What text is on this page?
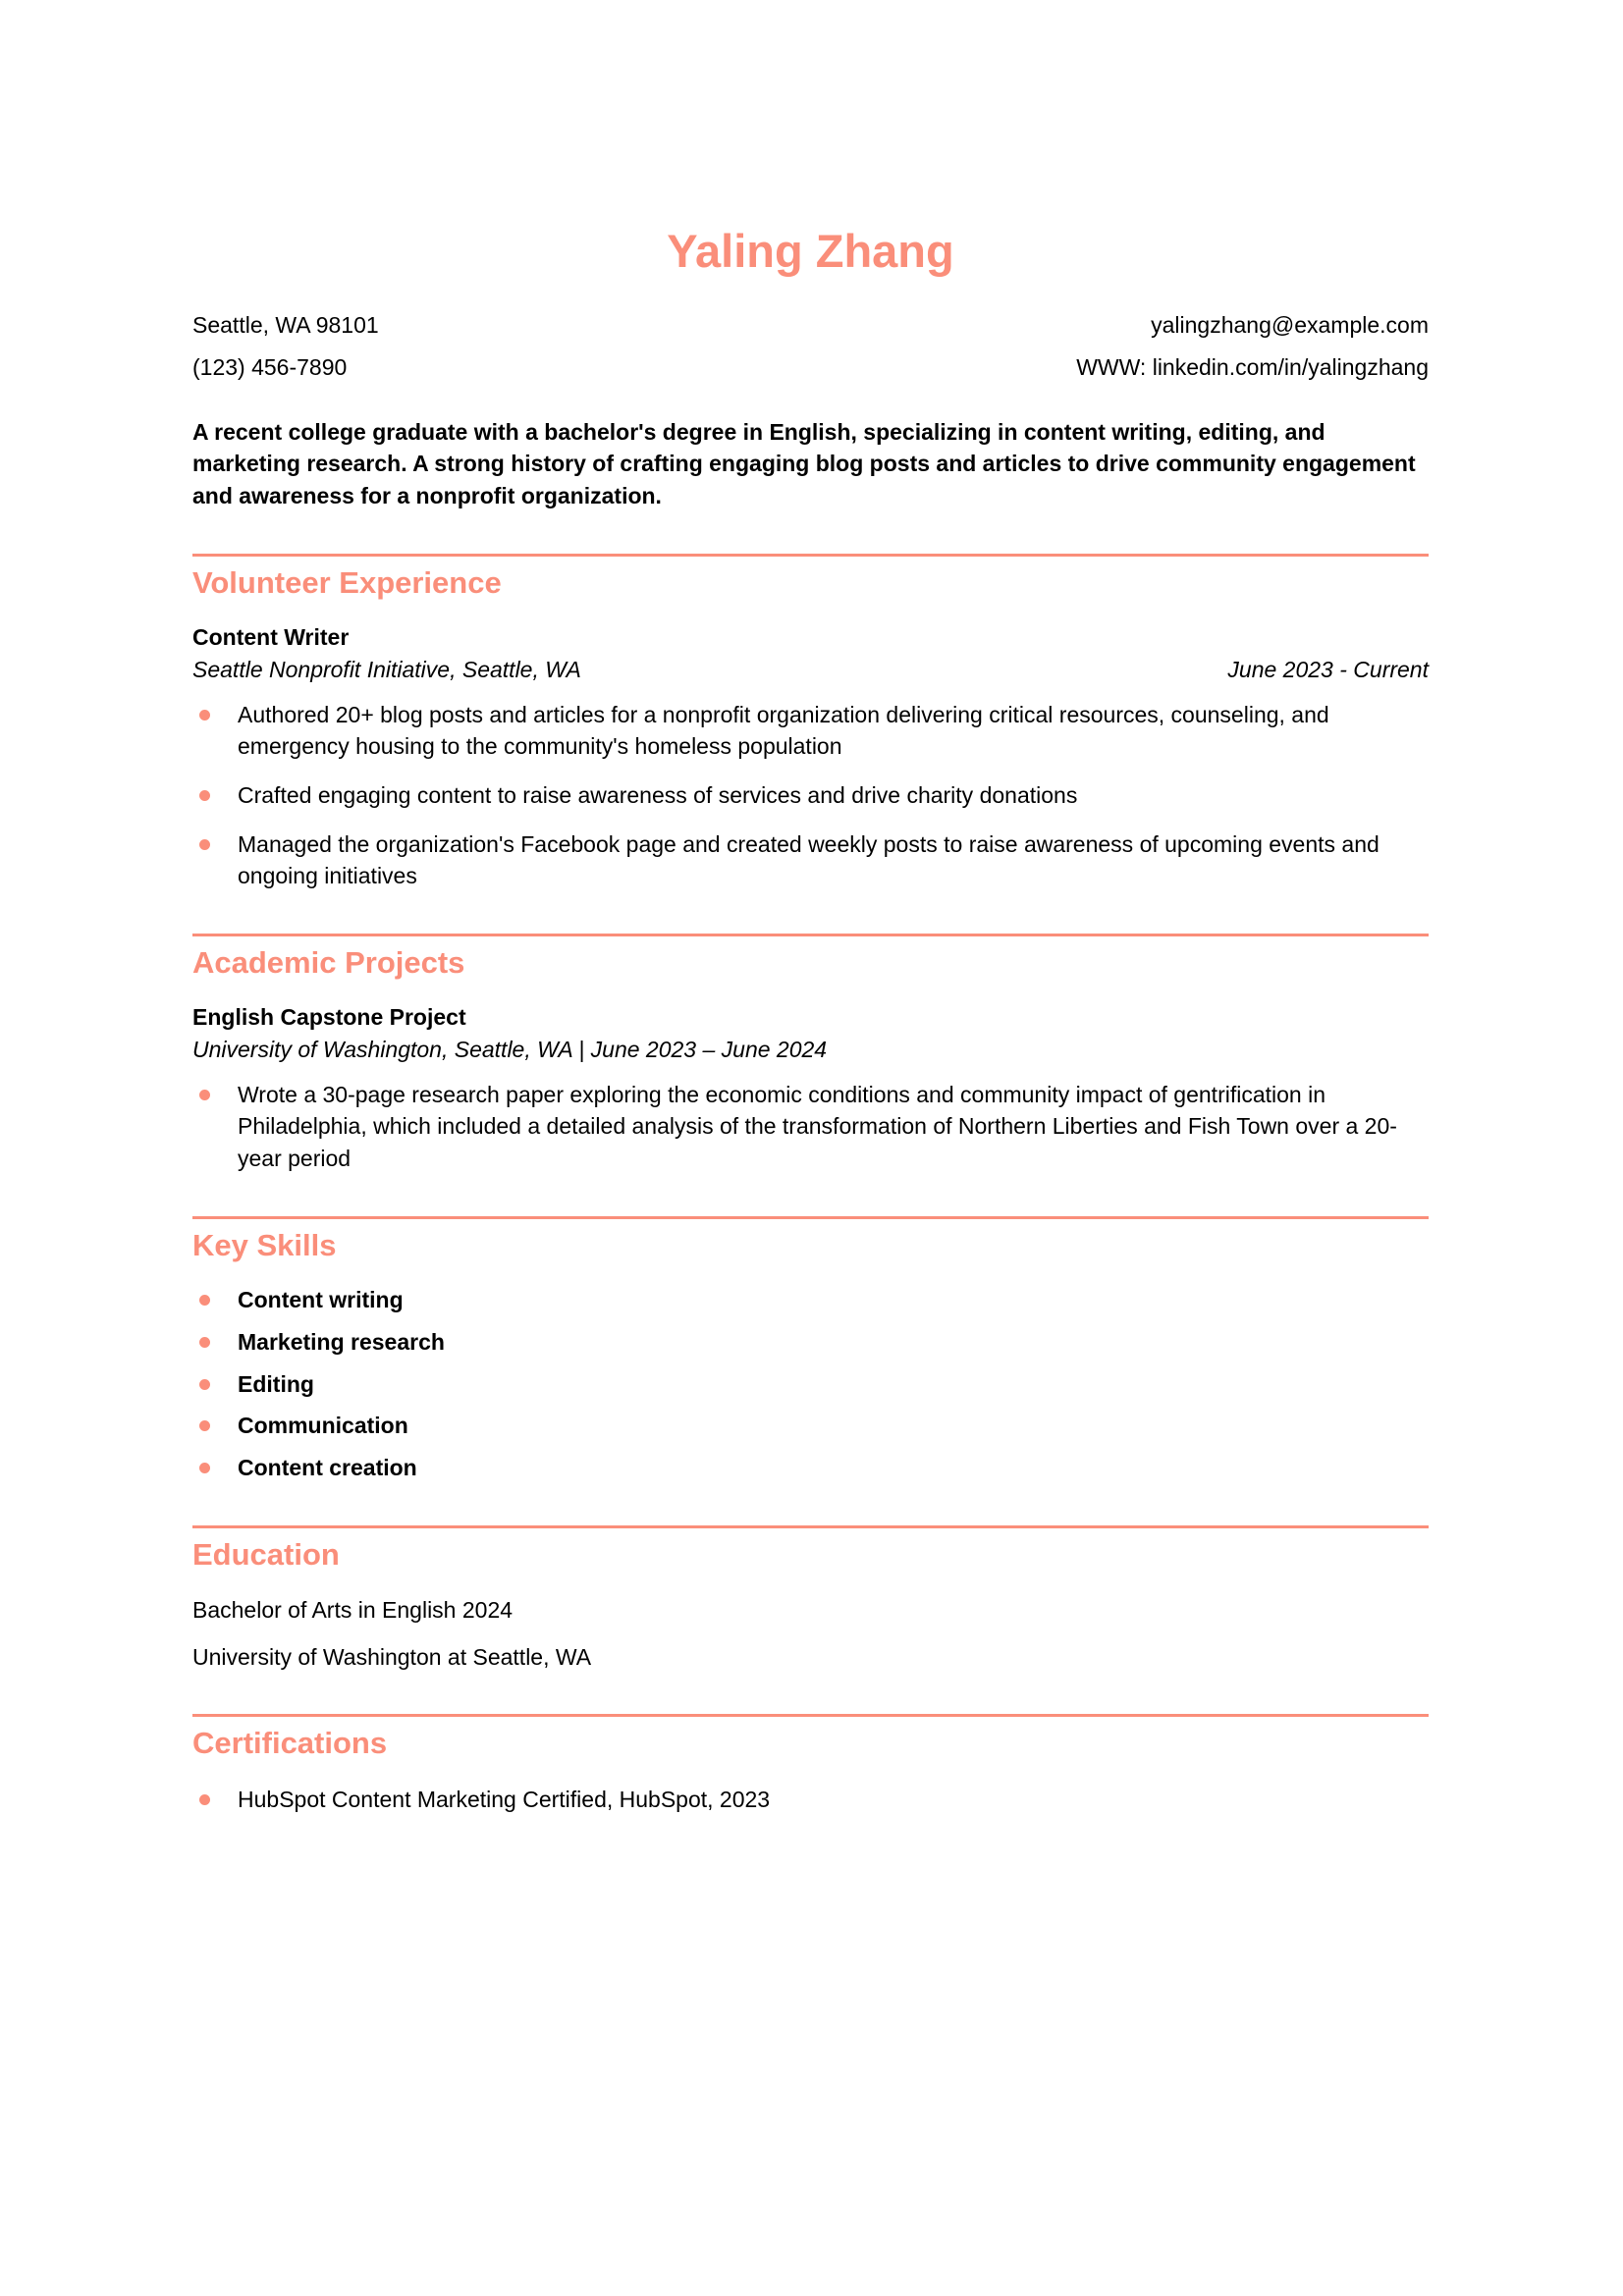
Yaling Zhang
Seattle, WA 98101	yalingzhang@example.com
(123) 456-7890	WWW: linkedin.com/in/yalingzhang

A recent college graduate with a bachelor's degree in English, specializing in content writing, editing, and marketing research. A strong history of crafting engaging blog posts and articles to drive community engagement and awareness for a nonprofit organization.

Volunteer Experience
Content Writer
Seattle Nonprofit Initiative, Seattle, WA	June 2023 - Current
Authored 20+ blog posts and articles for a nonprofit organization delivering critical resources, counseling, and emergency housing to the community's homeless population
Crafted engaging content to raise awareness of services and drive charity donations
Managed the organization's Facebook page and created weekly posts to raise awareness of upcoming events and ongoing initiatives
Academic Projects
English Capstone Project
University of Washington, Seattle, WA | June 2023 – June 2024
Wrote a 30-page research paper exploring the economic conditions and community impact of gentrification in Philadelphia, which included a detailed analysis of the transformation of Northern Liberties and Fish Town over a 20-year period
Key Skills
Content writing
Marketing research
Editing
Communication
Content creation
Education
Bachelor of Arts in English 2024
University of Washington at Seattle, WA
Certifications
HubSpot Content Marketing Certified, HubSpot, 2023
